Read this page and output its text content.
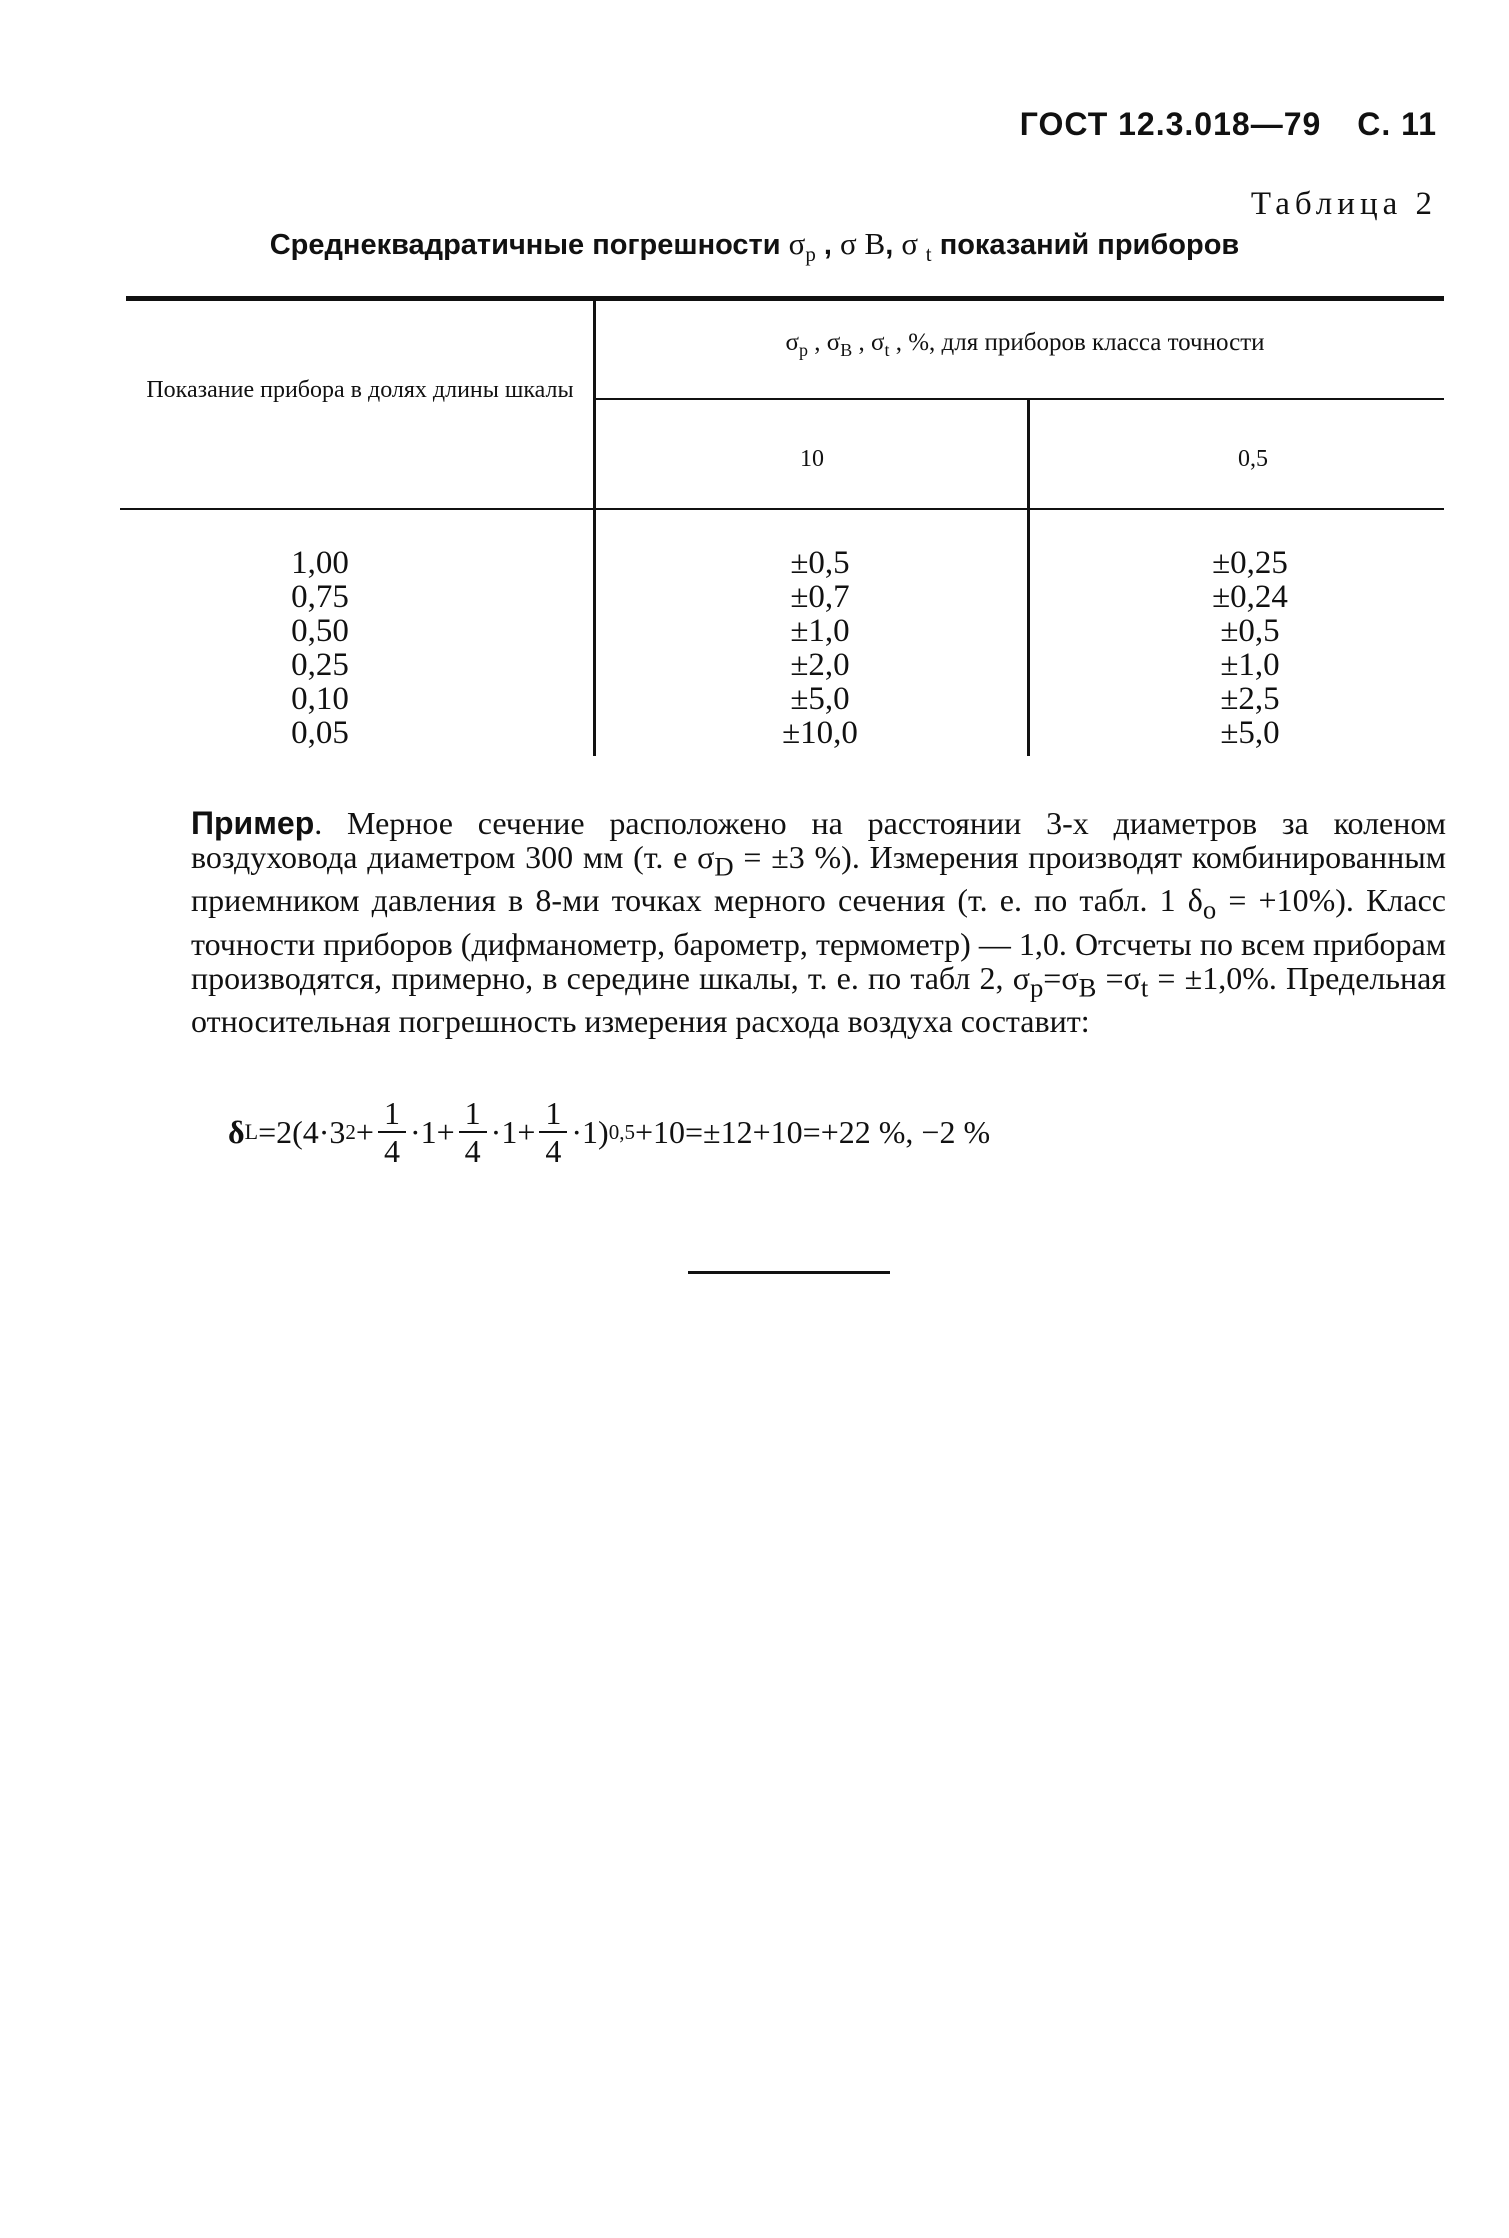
ГОСТ 12.3.018—79 С. 11
Таблица 2
Среднеквадратичные погрешности $\sigma_р$ , σ В, σ $_t$ показаний приборов
Показание прибора в долях длины шкалы
$\sigma_р$ , $\sigma_В$ , $\sigma_t$ , %, для приборов класса точности
10	0,5
1,00
0,75
0,50
0,25
0,10
0,05
±0,5
±0,7
±1,0
±2,0
±5,0
±10,0
±0,25
±0,24
±0,5
±1,0
±2,5
±5,0
Пример. Мерное сечение расположено на расстоянии 3-х диаметров за коленом воздуховода диаметром 300 мм (т. е $\sigma_D = \pm 3$ %). Измерения производят комбинированным приемником давления в 8-ми точках мерного сечения (т. е. по табл. 1 $\delta_о = +10\%$). Класс точности приборов (дифманометр, барометр, термометр) — 1,0. Отсчеты по всем приборам производятся, примерно, в середине шкалы, т. е. по табл 2, $\sigma_р=\sigma_В =\sigma_t = \pm 1,0\%$. Предельная относительная погрешность измерения расхода воздуха составит:
δ L =2(4·3 $2 + \frac{1}{4} \cdot 1 + \frac{1}{4} \cdot 1 + \frac{1}{4} \cdot 1$) 0,5 +10=±12+10=+22 %, −2 %
